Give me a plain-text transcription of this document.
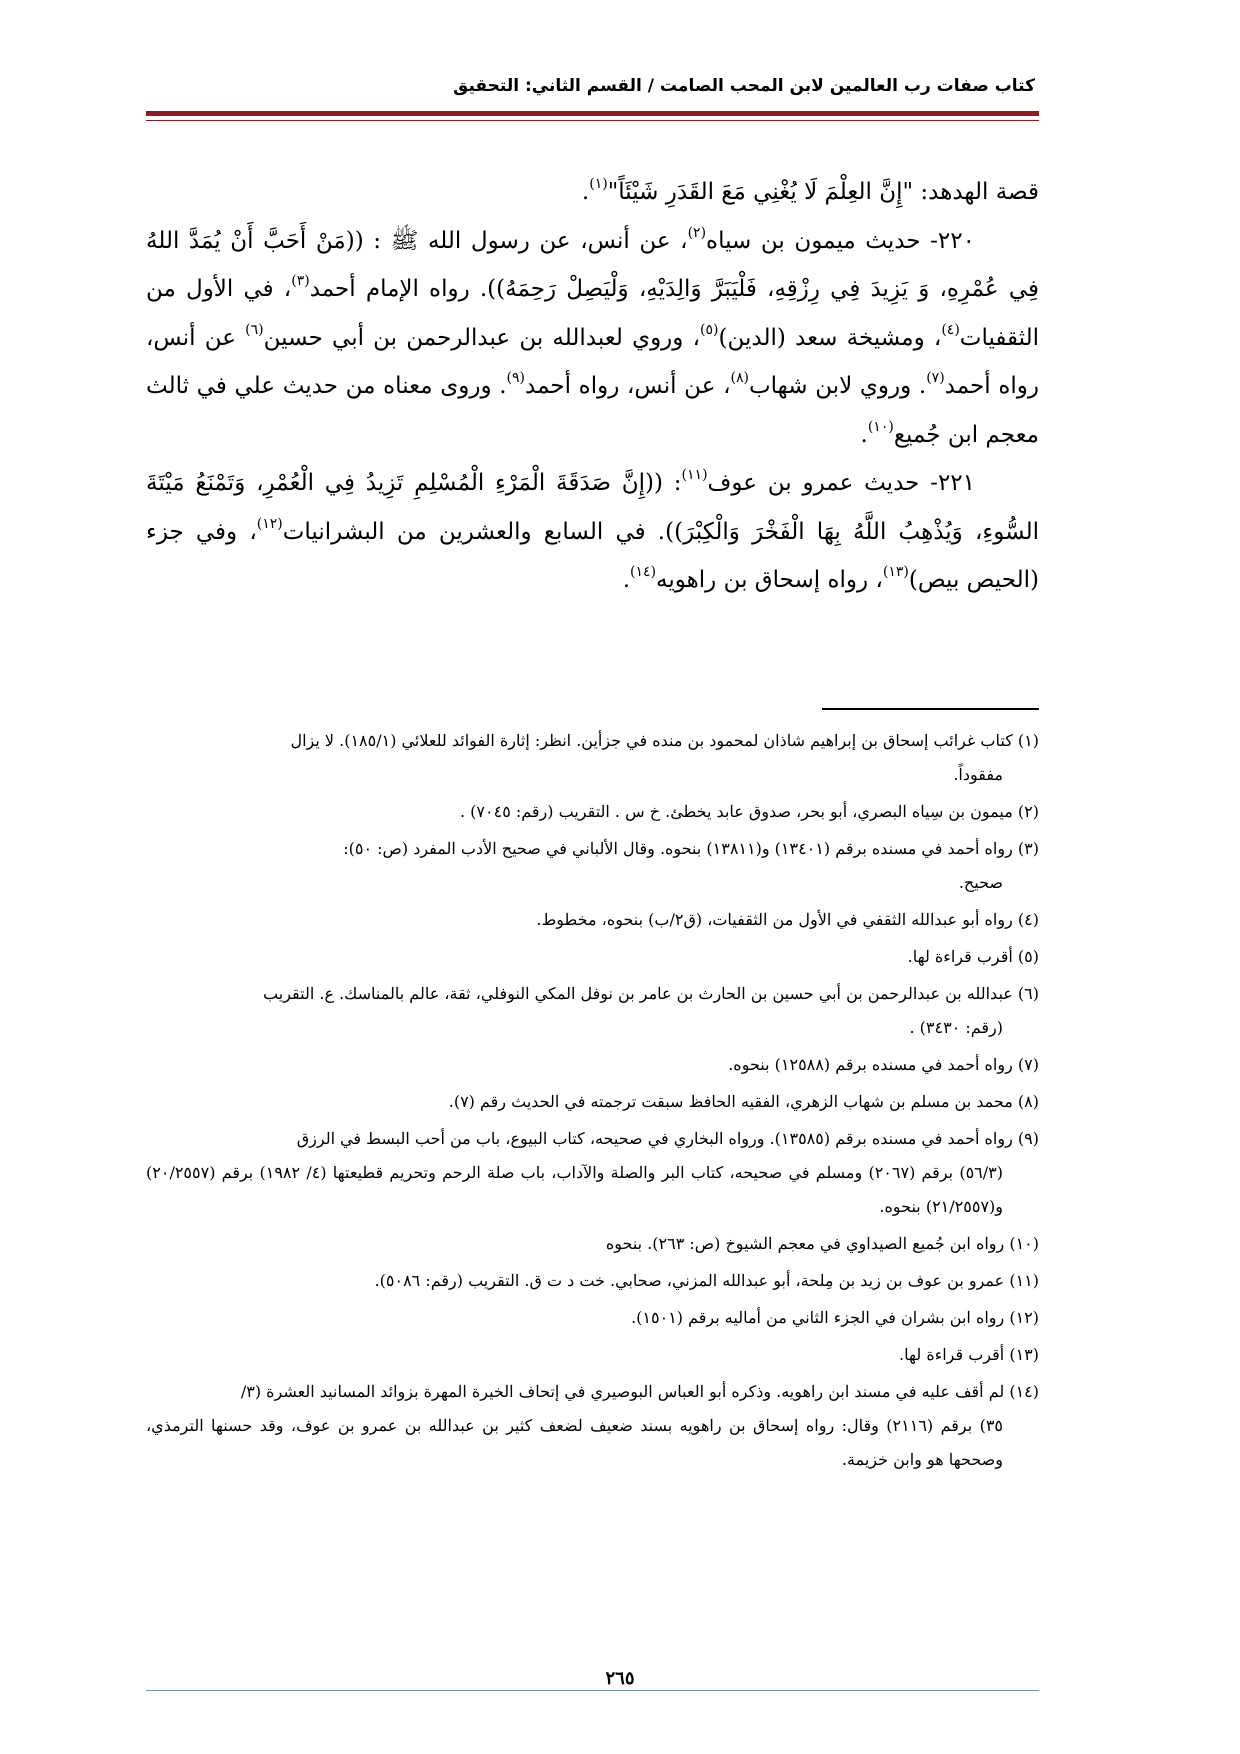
كتاب صفات رب العالمين لابن المحب الصامت / القسم الثاني: التحقيق

قصة الهدهد: "إِنَّ العِلْمَ لَا يُغْنِي مَعَ القَدَرِ شَيْئَاً"$^{(١)}$.

٢٢٠- حديث ميمون بن سياه$^{(٢)}$، عن أنس، عن رسول الله ﷺ : ((مَنْ أَحَبَّ أَنْ يُمَدَّ اللهُ فِي عُمْرِهِ، وَ يَزِيدَ فِي رِزْقِهِ، فَلْيَبَرَّ وَالِدَيْهِ، وَلْيَصِلْ رَحِمَهُ)). رواه الإمام أحمد$^{(٣)}$، في الأول من الثقفيات$^{(٤)}$، ومشيخة سعد (الدين)$^{(٥)}$، وروي لعبدالله بن عبدالرحمن بن أبي حسين$^{(٦)}$ عن أنس، رواه أحمد$^{(٧)}$. وروي لابن شهاب$^{(٨)}$، عن أنس، رواه أحمد$^{(٩)}$. وروى معناه من حديث علي في ثالث معجم ابن جُميع$^{(١٠)}$.

٢٢١- حديث عمرو بن عوف$^{(١١)}$: ((إِنَّ صَدَقَةَ الْمَرْءِ الْمُسْلِمِ تَزِيدُ فِي الْعُمْرِ، وَتَمْنَعُ مَيْتَةَ السُّوءِ، وَيُذْهِبُ اللَّهُ بِهَا الْفَخْرَ وَالْكِبْرَ)). في السابع والعشرين من البشرانيات$^{(١٢)}$، وفي جزء (الحيص بيص)$^{(١٣)}$، رواه إسحاق بن راهويه$^{(١٤)}$.

(١) كتاب غرائب إسحاق بن إبراهيم شاذان لمحمود بن منده في جزأين. انظر: إثارة الفوائد للعلائي (١٨٥/١). لا يزال
مفقوداً.
(٢) ميمون بن سِياه البصري، أبو بحر، صدوق عابد يخطئ. خ س . التقريب (رقم: ٧٠٤٥) .
(٣) رواه أحمد في مسنده برقم (١٣٤٠١) و(١٣٨١١) بنحوه. وقال الألباني في صحيح الأدب المفرد (ص: ٥٠):
صحيح.
(٤) رواه أبو عبدالله الثقفي في الأول من الثقفيات، (ق٢/ب) بنحوه، مخطوط.
(٥) أقرب قراءة لها.
(٦) عبدالله بن عبدالرحمن بن أبي حسين بن الحارث بن عامر بن نوفل المكي النوفلي، ثقة، عالم بالمناسك. ع. التقريب
(رقم: ٣٤٣٠) .
(٧) رواه أحمد في مسنده برقم (١٢٥٨٨) بنحوه.
(٨) محمد بن مسلم بن شهاب الزهري، الفقيه الحافظ سبقت ترجمته في الحديث رقم (٧).
(٩) رواه أحمد في مسنده برقم (١٣٥٨٥). ورواه البخاري في صحيحه، كتاب البيوع، باب من أحب البسط في الرزق
(٥٦/٣) برقم (٢٠٦٧) ومسلم في صحيحه، كتاب البر والصلة والآداب، باب صلة الرحم وتحريم قطيعتها (٤/ ١٩٨٢) برقم (٢٠/٢٥٥٧) و(٢١/٢٥٥٧) بنحوه.
(١٠) رواه ابن جُميع الصيداوي في معجم الشيوخ (ص: ٢٦٣). بنحوه
(١١) عمرو بن عوف بن زيد بن مِلحة، أبو عبدالله المزني، صحابي. خت د ت ق. التقريب (رقم: ٥٠٨٦).
(١٢) رواه ابن بشران في الجزء الثاني من أماليه برقم (١٥٠١).
(١٣) أقرب قراءة لها.
(١٤) لم أقف عليه في مسند ابن راهويه. وذكره أبو العباس البوصيري في إتحاف الخيرة المهرة بزوائد المسانيد العشرة (٣/
٣٥) برقم (٢١١٦) وقال: رواه إسحاق بن راهويه بسند ضعيف لضعف كثير بن عبدالله بن عمرو بن عوف، وقد حسنها الترمذي، وصححها هو وابن خزيمة.
٢٦٥
